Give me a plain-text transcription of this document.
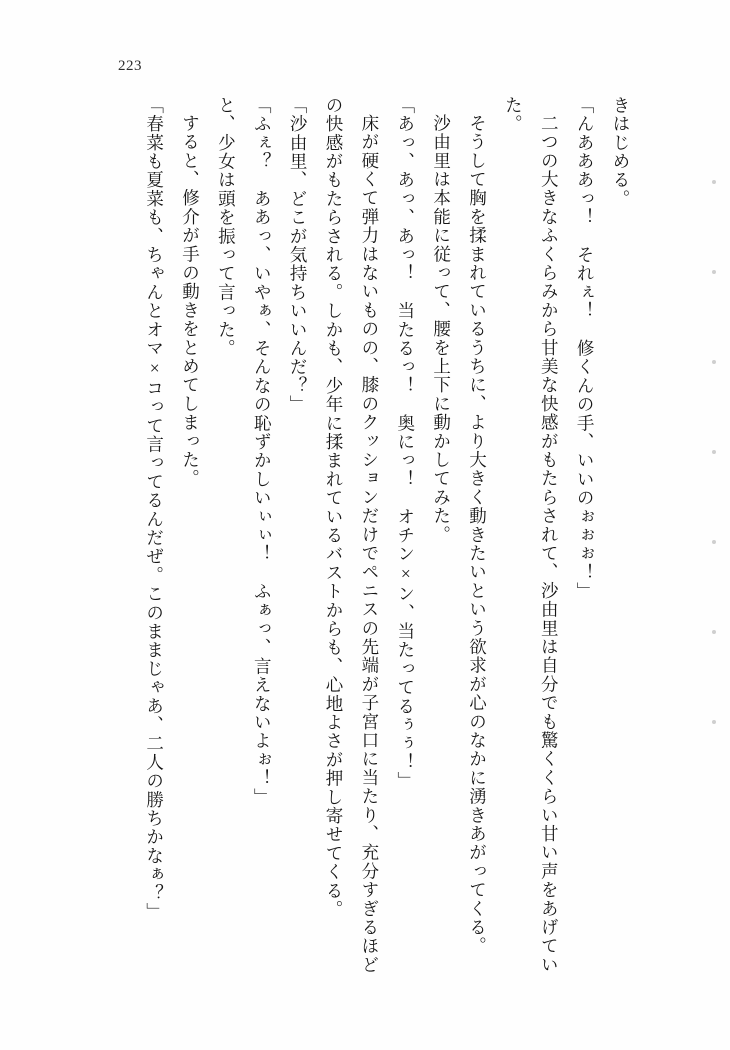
223

きはじめる。

「んあああっ！　それぇ！　修くんの手、いいのぉぉぉ！」

二つの大きなふくらみから甘美な快感がもたらされて、沙由里は自分でも驚くくらい甘い声をあげていた。

そうして胸を揉まれているうちに、より大きく動きたいという欲求が心のなかに湧きあがってくる。

沙由里は本能に従って、腰を上下に動かしてみた。

「あっ、あっ、あっ！　当たるっ！　奥にっ！　オチン×ン、当たってるぅぅ！」

床が硬くて弾力はないものの、膝のクッションだけでペニスの先端が子宮口に当たり、充分すぎるほどの快感がもたらされる。しかも、少年に揉まれているバストからも、心地よさが押し寄せてくる。

「沙由里、どこが気持ちいいんだ？」

「ふぇ？　ああっ、いやぁ、そんなの恥ずかしいぃぃ！　ふぁっ、言えないよぉ！」

と、少女は頭を振って言った。

すると、修介が手の動きをとめてしまった。

「春菜も夏菜も、ちゃんとオマ×コって言ってるんだぜ。このままじゃあ、二人の勝ちかなぁ？」
